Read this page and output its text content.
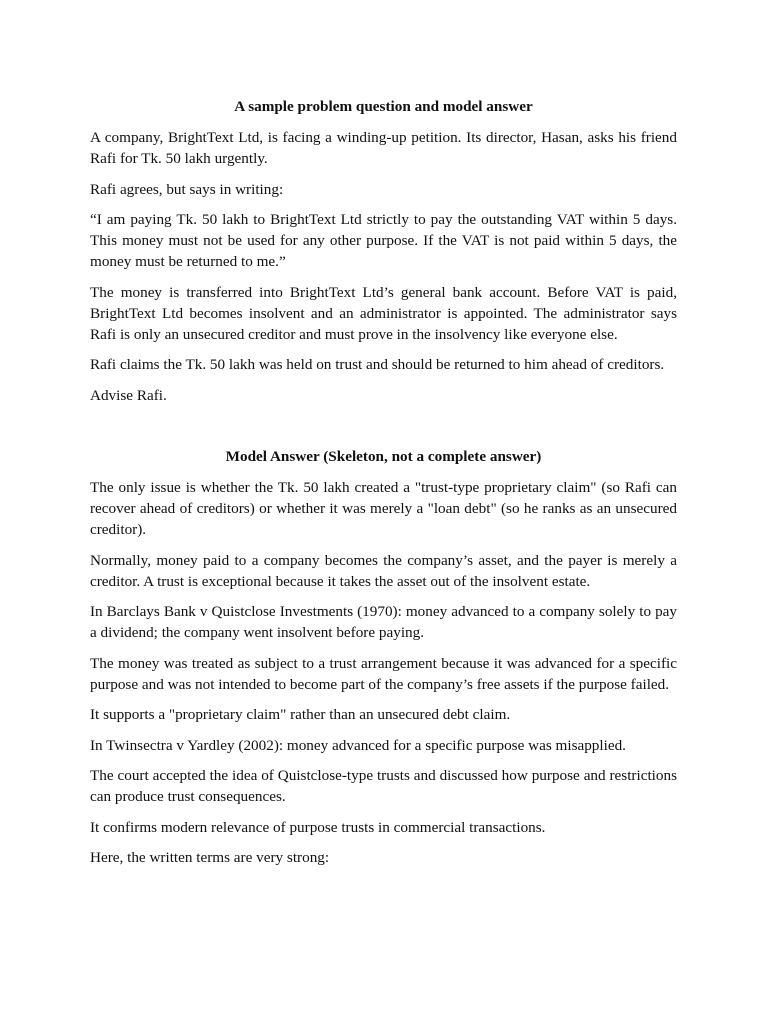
A sample problem question and model answer

A company, BrightText Ltd, is facing a winding-up petition. Its director, Hasan, asks his friend Rafi for Tk. 50 lakh urgently.

Rafi agrees, but says in writing:

“I am paying Tk. 50 lakh to BrightText Ltd strictly to pay the outstanding VAT within 5 days. This money must not be used for any other purpose. If the VAT is not paid within 5 days, the money must be returned to me.”

The money is transferred into BrightText Ltd’s general bank account. Before VAT is paid, BrightText Ltd becomes insolvent and an administrator is appointed. The administrator says Rafi is only an unsecured creditor and must prove in the insolvency like everyone else.

Rafi claims the Tk. 50 lakh was held on trust and should be returned to him ahead of creditors.

Advise Rafi.

Model Answer (Skeleton, not a complete answer)

The only issue is whether the Tk. 50 lakh created a "trust-type proprietary claim" (so Rafi can recover ahead of creditors) or whether it was merely a "loan debt" (so he ranks as an unsecured creditor).

Normally, money paid to a company becomes the company’s asset, and the payer is merely a creditor. A trust is exceptional because it takes the asset out of the insolvent estate.

In Barclays Bank v Quistclose Investments (1970): money advanced to a company solely to pay a dividend; the company went insolvent before paying.

The money was treated as subject to a trust arrangement because it was advanced for a specific purpose and was not intended to become part of the company’s free assets if the purpose failed.

It supports a "proprietary claim" rather than an unsecured debt claim.

In Twinsectra v Yardley (2002): money advanced for a specific purpose was misapplied.

The court accepted the idea of Quistclose-type trusts and discussed how purpose and restrictions can produce trust consequences.

It confirms modern relevance of purpose trusts in commercial transactions.

Here, the written terms are very strong:
